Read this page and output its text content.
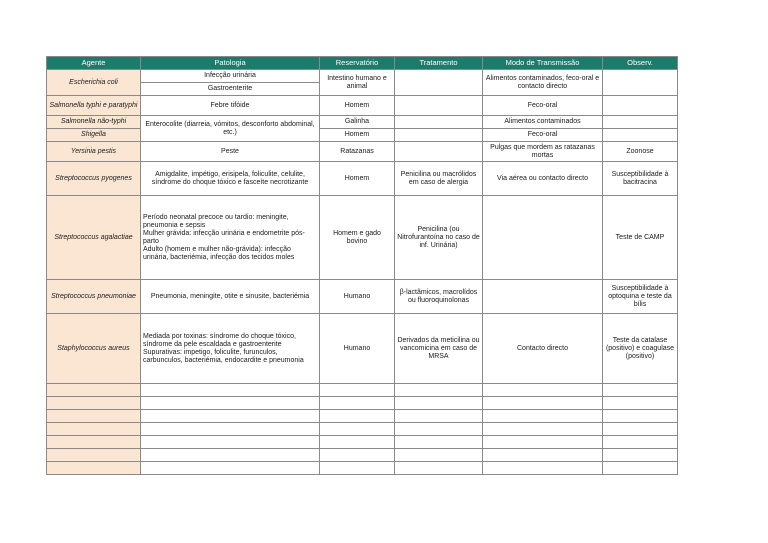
Agente	Patologia	Reservatório	Tratamento	Modo de Transmissão	Observ.
Escherichia coli	Infecção urinária	Intestino humano e animal		Alimentos contaminados, feco-oral e contacto directo	
	Gastroenterite				
Salmonella typhi e paratyphi	Febre tifóide	Homem		Feco-oral	
Salmonella não-typhi	Enterocolite (diarreia, vómitos, desconforto abdominal, etc.)	Galinha		Alimentos contaminados	
Shigella		Homem		Feco-oral	
Yersinia pestis	Peste	Ratazanas		Pulgas que mordem as ratazanas mortas	Zoonose
Streptococcus pyogenes	Amigdalite, impétigo, erisipela, foliculite, celulite, síndrome do choque tóxico e fasceíte necrotizante	Homem	Penicilina ou macrólidos em caso de alergia	Via aérea ou contacto directo	Susceptibilidade à bacitracina
Streptococcus agalactiae	Período neonatal precoce ou tardio: meningite, pneumonia e sepsis
Mulher grávida: infecção urinária e endometrite pós-parto
Adulto (homem e mulher não-grávida): infecção urinária, bacteriémia, infecção dos tecidos moles	Homem e gado bovino	Penicilina (ou Nitrofurantoína no caso de inf. Urinária)		Teste de CAMP
Streptococcus pneumoniae	Pneumonia, meningite, otite e sinusite, bacteriémia	Humano	β-lactâmicos, macrolídos ou fluoroquinolonas		Susceptibilidade à optoquina e teste da bílis
Staphylococcus aureus	Mediada por toxinas: síndrome do choque tóxico, síndrome da pele escaldada e gastroenterite
Supurativas: impetigo, foliculite, furunculos, carbunculos, bacteriémia, endocardite e pneumonia	Humano	Derivados da meticilina ou vancomicina em caso de MRSA	Contacto directo	Teste da catalase (positivo) e coagulase (positivo)
